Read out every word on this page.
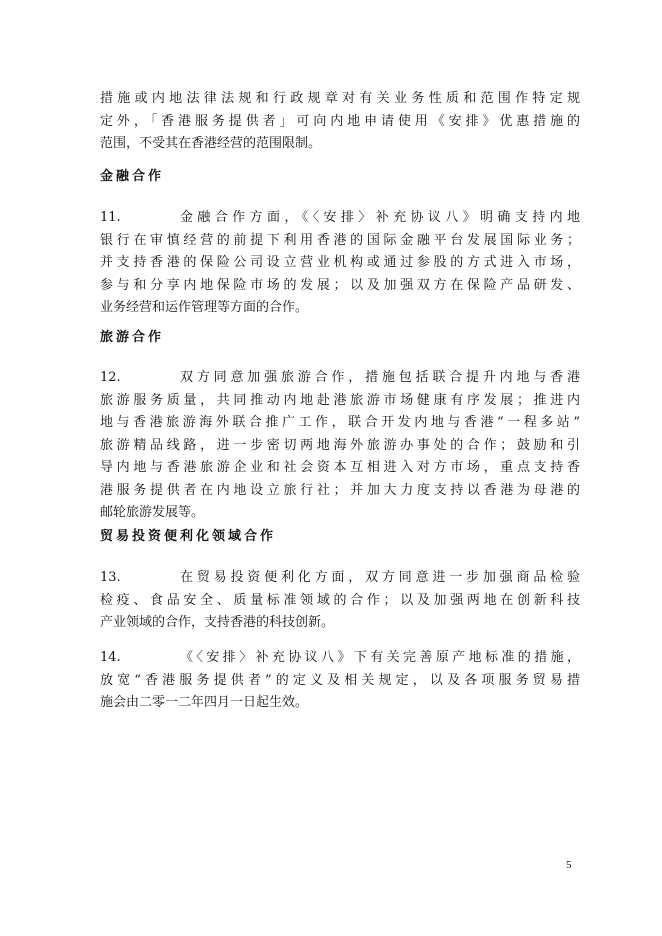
措施或内地法律法规和行政规章对有关业务性质和范围作特定规
定外，「香港服务提供者」可向内地申请使用《安排》优惠措施的
范围，不受其在香港经营的范围限制。
金融合作
11.	金融合作方面，《〈安排〉补充协议八》明确支持内地
银行在审慎经营的前提下利用香港的国际金融平台发展国际业务；
并支持香港的保险公司设立营业机构或通过参股的方式进入市场，
参与和分享内地保险市场的发展；以及加强双方在保险产品研发、
业务经营和运作管理等方面的合作。
旅游合作
12.	双方同意加强旅游合作，措施包括联合提升内地与香港
旅游服务质量，共同推动内地赴港旅游市场健康有序发展；推进内
地与香港旅游海外联合推广工作，联合开发内地与香港“一程多站”
旅游精品线路，进一步密切两地海外旅游办事处的合作；鼓励和引
导内地与香港旅游企业和社会资本互相进入对方市场，重点支持香
港服务提供者在内地设立旅行社；并加大力度支持以香港为母港的
邮轮旅游发展等。
贸易投资便利化领域合作
13.	在贸易投资便利化方面，双方同意进一步加强商品检验
检疫、食品安全、质量标准领域的合作；以及加强两地在创新科技
产业领域的合作，支持香港的科技创新。
14.	《〈安排〉补充协议八》下有关完善原产地标准的措施，
放宽“香港服务提供者”的定义及相关规定，以及各项服务贸易措
施会由二零一二年四月一日起生效。
5
